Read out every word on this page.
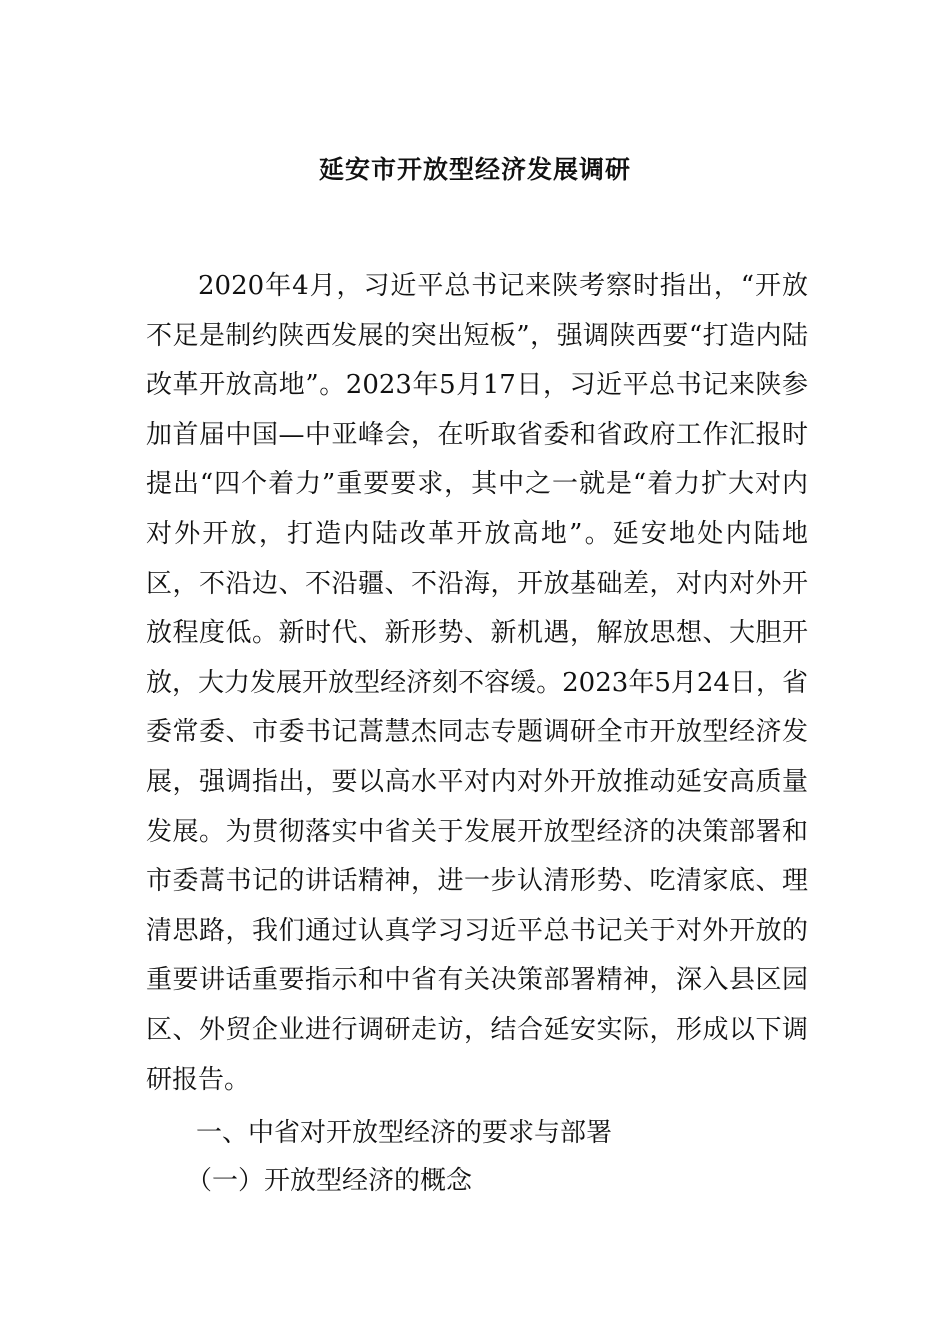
延安市开放型经济发展调研

2020年4月，习近平总书记来陕考察时指出，“开放不足是制约陕西发展的突出短板”，强调陕西要“打造内陆改革开放高地”。2023年5月17日，习近平总书记来陕参加首届中国—中亚峰会，在听取省委和省政府工作汇报时提出“四个着力”重要要求，其中之一就是“着力扩大对内对外开放，打造内陆改革开放高地”。延安地处内陆地区，不沿边、不沿疆、不沿海，开放基础差，对内对外开放程度低。新时代、新形势、新机遇，解放思想、大胆开放，大力发展开放型经济刻不容缓。2023年5月24日，省委常委、市委书记蒿慧杰同志专题调研全市开放型经济发展，强调指出，要以高水平对内对外开放推动延安高质量发展。为贯彻落实中省关于发展开放型经济的决策部署和市委蒿书记的讲话精神，进一步认清形势、吃清家底、理清思路，我们通过认真学习习近平总书记关于对外开放的重要讲话重要指示和中省有关决策部署精神，深入县区园区、外贸企业进行调研走访，结合延安实际，形成以下调研报告。

一、中省对开放型经济的要求与部署

（一）开放型经济的概念
